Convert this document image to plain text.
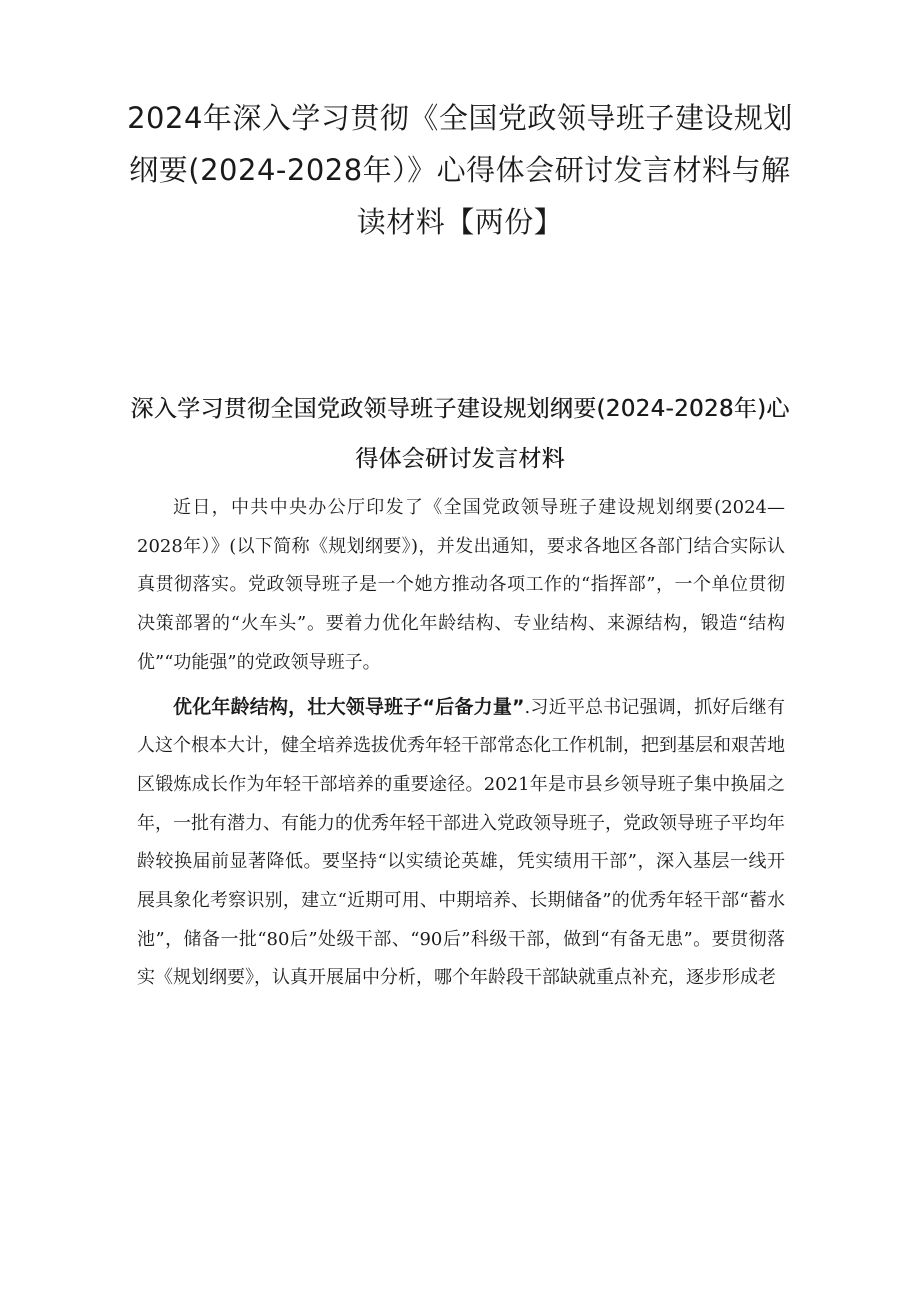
2024年深入学习贯彻《全国党政领导班子建设规划纲要(2024-2028年）》心得体会研讨发言材料与解读材料【两份】
深入学习贯彻全国党政领导班子建设规划纲要(2024-2028年)心得体会研讨发言材料

近日，中共中央办公厅印发了《全国党政领导班子建设规划纲要(2024—2028年）》(以下简称《规划纲要》)，并发出通知，要求各地区各部门结合实际认真贯彻落实。党政领导班子是一个她方推动各项工作的“指挥部”，一个单位贯彻决策部署的“火车头”。要着力优化年龄结构、专业结构、来源结构，锻造“结构优”“功能强”的党政领导班子。

优化年龄结构，壮大领导班子“后备力量”.习近平总书记强调，抓好后继有人这个根本大计，健全培养选拔优秀年轻干部常态化工作机制，把到基层和艰苦地区锻炼成长作为年轻干部培养的重要途径。2021年是市县乡领导班子集中换届之年，一批有潜力、有能力的优秀年轻干部进入党政领导班子，党政领导班子平均年龄较换届前显著降低。要坚持“以实绩论英雄，凭实绩用干部”，深入基层一线开展具象化考察识别，建立“近期可用、中期培养、长期储备”的优秀年轻干部“蓄水池”，储备一批“80后”处级干部、“90后”科级干部，做到“有备无患”。要贯彻落实《规划纲要》，认真开展届中分析，哪个年龄段干部缺就重点补充，逐步形成老
